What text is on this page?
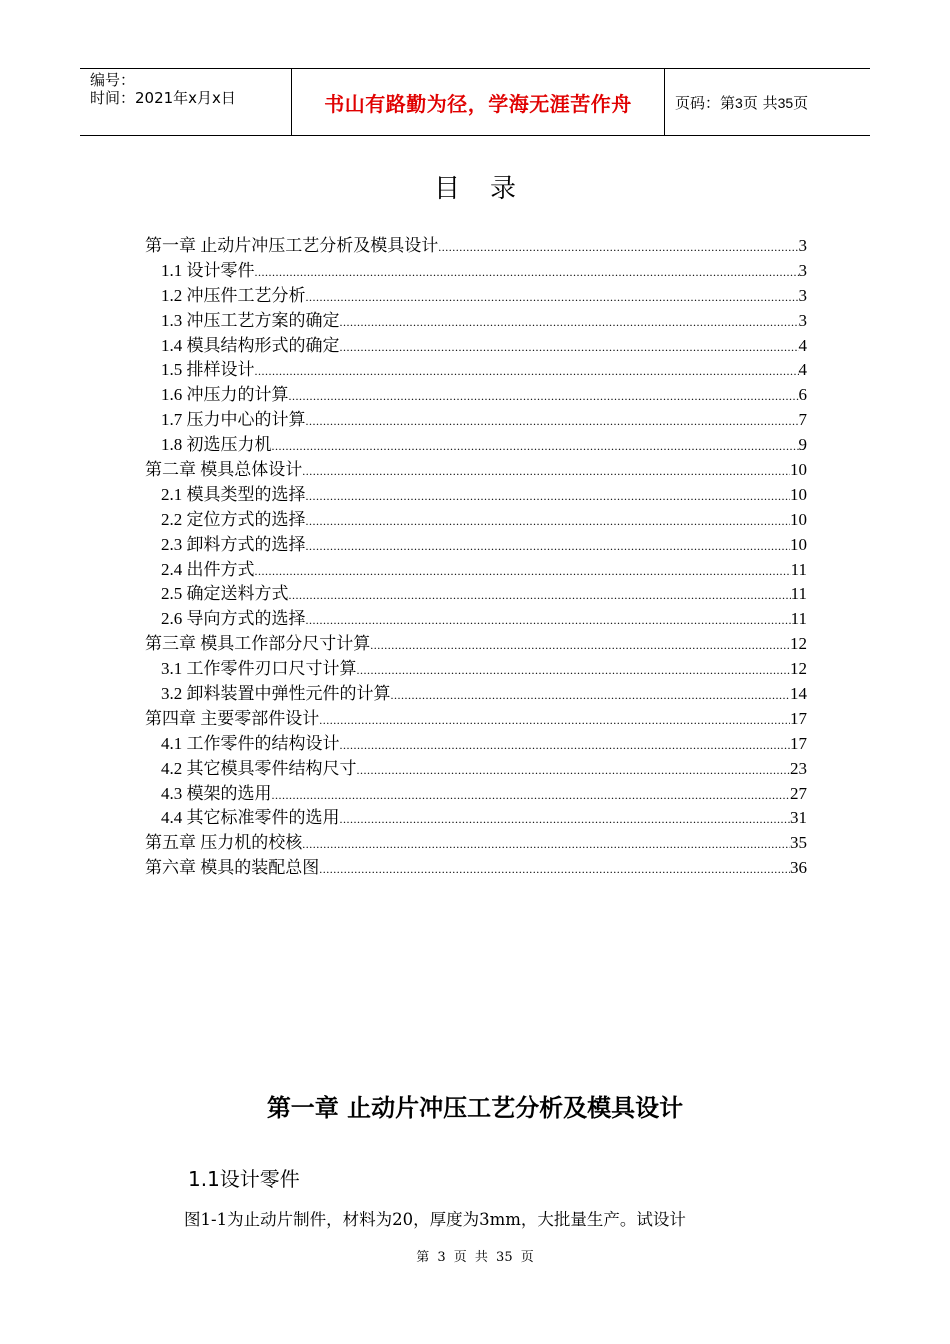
编号：
时间：2021年x月x日	书山有路勤为径，学海无涯苦作舟	页码：第3页 共35页
目录
第一章 止动片冲压工艺分析及模具设计 .....	3
1.1 设计零件 .....	3
1.2 冲压件工艺分析 .....	3
1.3 冲压工艺方案的确定 .....	3
1.4 模具结构形式的确定 .....	4
1.5 排样设计 .....	4
1.6 冲压力的计算 .....	6
1.7 压力中心的计算 .....	7
1.8 初选压力机 .....	9
第二章 模具总体设计 .....	10
2.1 模具类型的选择 .....	10
2.2 定位方式的选择 .....	10
2.3 卸料方式的选择 .....	10
2.4 出件方式 .....	11
2.5 确定送料方式 .....	11
2.6 导向方式的选择 .....	11
第三章 模具工作部分尺寸计算 .....	12
3.1 工作零件刃口尺寸计算 .....	12
3.2 卸料装置中弹性元件的计算 .....	14
第四章 主要零部件设计 .....	17
4.1 工作零件的结构设计 .....	17
4.2 其它模具零件结构尺寸 .....	23
4.3 模架的选用 .....	27
4.4 其它标准零件的选用 .....	31
第五章 压力机的校核 .....	35
第六章 模具的装配总图 .....	36
第一章 止动片冲压工艺分析及模具设计
1.1设计零件
图1-1为止动片制件，材料为20，厚度为3mm，大批量生产。试设计
第 3 页 共 35 页
